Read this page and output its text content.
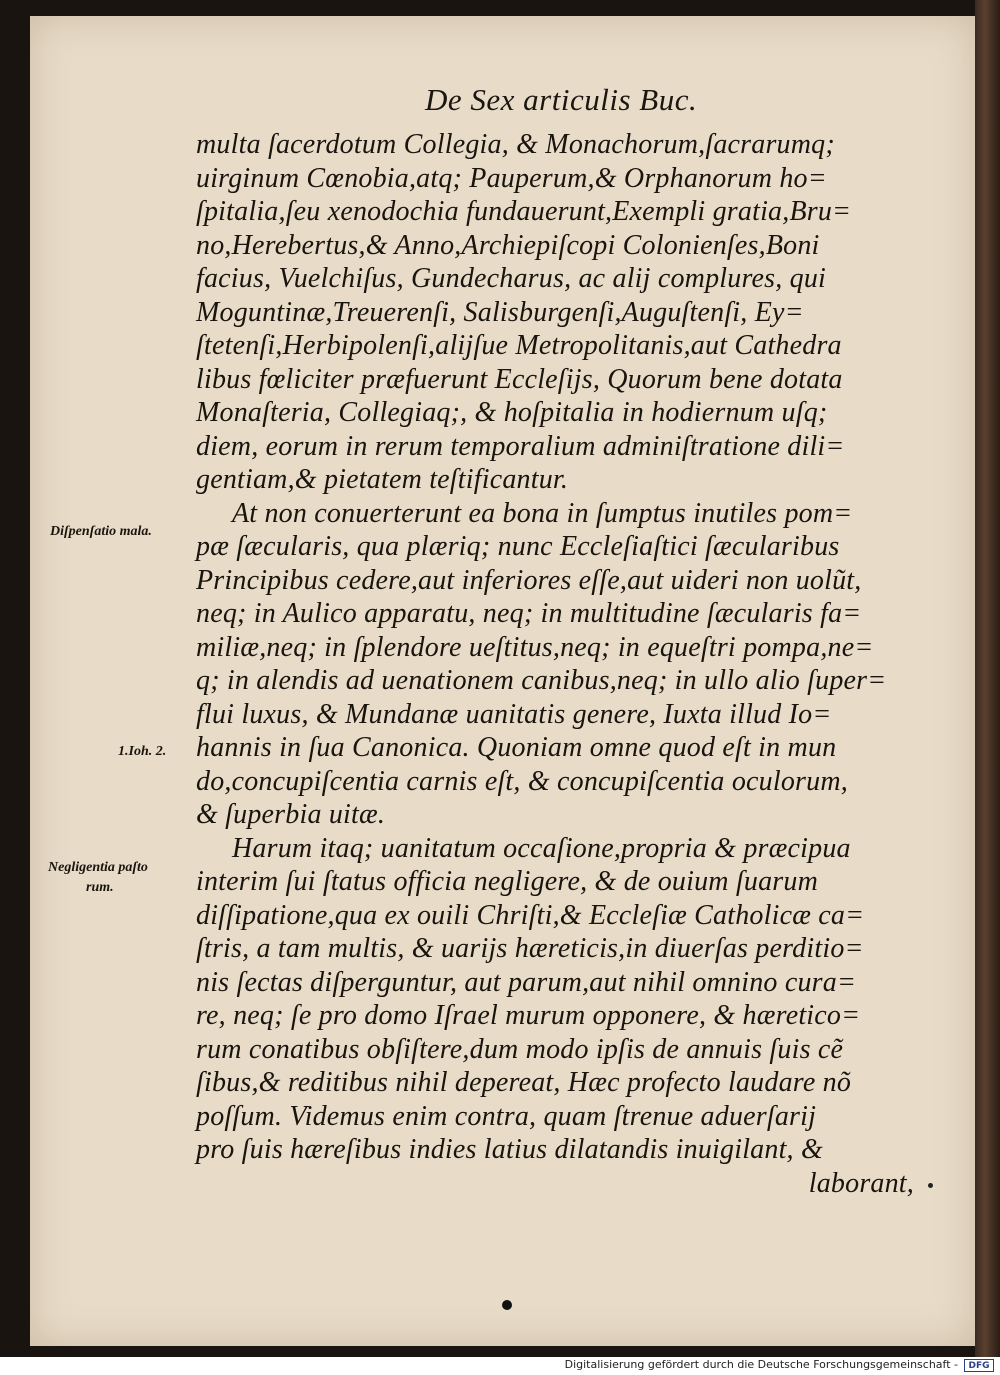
De Sex articulis Buc.
multa ſacerdotum Collegia, & Monachorum,ſacrarumq;
uirginum Cœnobia,atq; Pauperum,& Orphanorum ho=
ſpitalia,ſeu xenodochia fundauerunt,Exempli gratia,Bru=
no,Herebertus,& Anno,Archiepiſcopi Colonienſes,Boni
facius, Vuelchiſus, Gundecharus, ac alij complures, qui
Moguntinæ,Treuerenſi, Salisburgenſi,Auguſtenſi, Ey=
ſtetenſi,Herbipolenſi,alijſue Metropolitanis,aut Cathedra
libus fœliciter præfuerunt Eccleſijs, Quorum bene dotata
Monaſteria, Collegiaq;, & hoſpitalia in hodiernum uſq;
diem, eorum in rerum temporalium adminiſtratione dili=
gentiam,& pietatem teſtificantur.
At non conuerterunt ea bona in ſumptus inutiles pom=
pæ ſæcularis, qua plæriq; nunc Eccleſiaſtici ſæcularibus
Principibus cedere,aut inferiores eſſe,aut uideri non uolũt,
neq; in Aulico apparatu, neq; in multitudine ſæcularis fa=
miliæ,neq; in ſplendore ueſtitus,neq; in equeſtri pompa,ne=
q; in alendis ad uenationem canibus,neq; in ullo alio ſuper=
flui luxus, & Mundanæ uanitatis genere, Iuxta illud Io=
hannis in ſua Canonica. Quoniam omne quod eſt in mun
do,concupiſcentia carnis eſt, & concupiſcentia oculorum,
& ſuperbia uitæ.
Harum itaq; uanitatum occaſione,propria & præcipua
interim ſui ſtatus officia negligere, & de ouium ſuarum
diſſipatione,qua ex ouili Chriſti,& Eccleſiæ Catholicæ ca=
ſtris, a tam multis, & uarijs hæreticis,in diuerſas perditio=
nis ſectas diſperguntur, aut parum,aut nihil omnino cura=
re, neq; ſe pro domo Iſrael murum opponere, & hæretico=
rum conatibus obſiſtere,dum modo ipſis de annuis ſuis cẽ
ſibus,& reditibus nihil depereat, Hæc profecto laudare nõ
poſſum. Videmus enim contra, quam ſtrenue aduerſarij
pro ſuis hæreſibus indies latius dilatandis inuigilant, &
laborant,
Diſpenſatio mala.
1.Ioh. 2.
Negligentia paſto
rum.
Digitalisierung gefördert durch die Deutsche Forschungsgemeinschaft -	DFG
